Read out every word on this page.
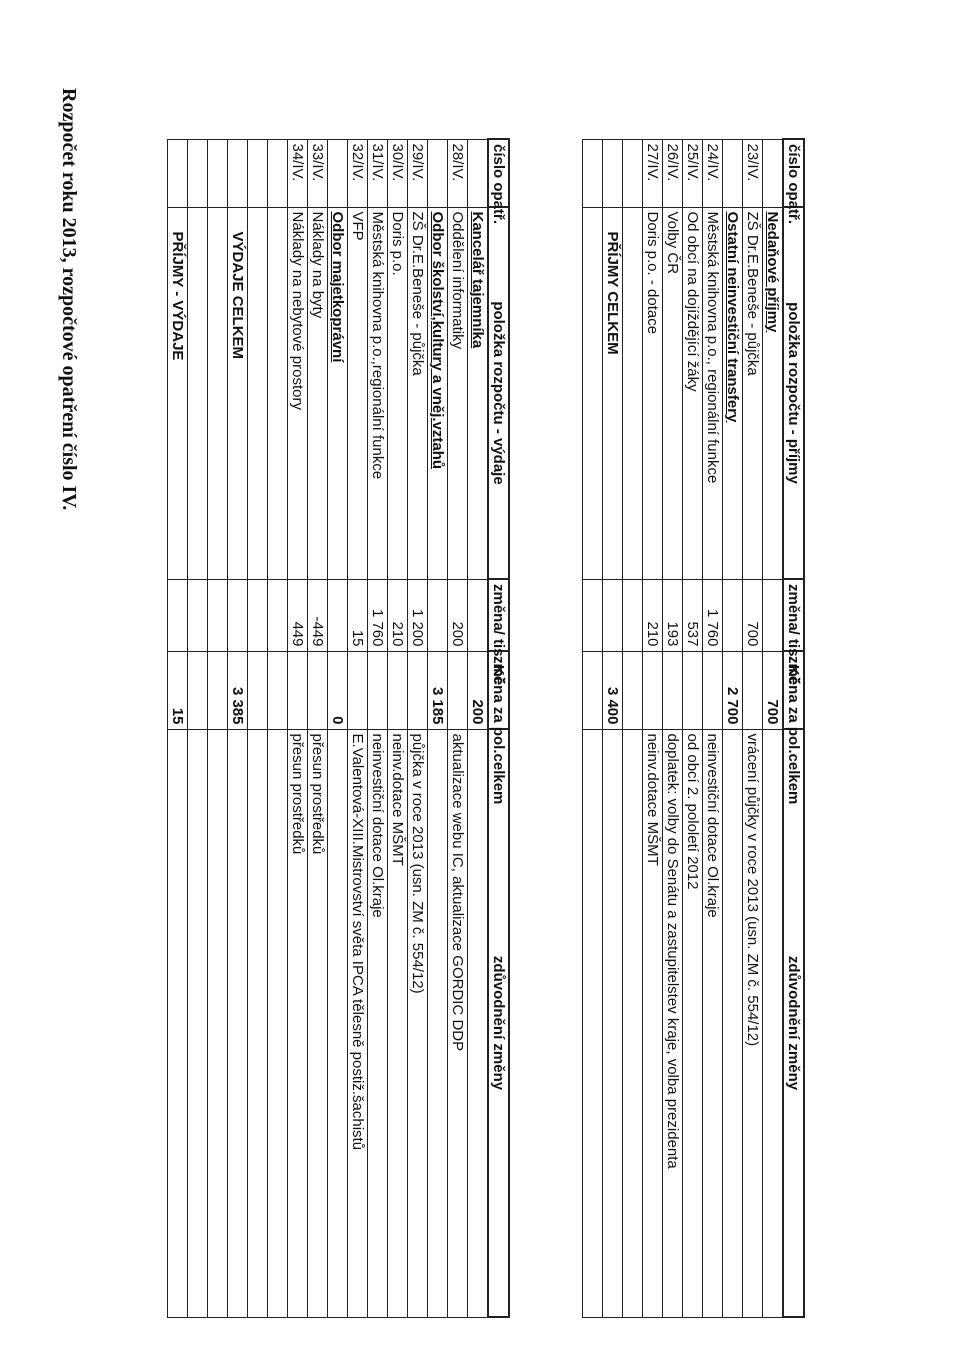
Rozpočet roku 2013, rozpočtové opatření číslo IV.	číslo opatř.	položka rozpočtu - příjmy	změna/ tis. Kč	změna za pol.celkem	zdůvodnění změny
	Nedaňové příjmy		700	
23/IV.	ZŠ Dr.E.Beneše - půjčka	700		vrácení půjčky v roce 2013 (usn. ZM č. 554/12)
	Ostatní neinvestiční transfery		2 700	
24/IV.	Městská knihovna p.o., regionální funkce	1 760		neinvestiční dotace Ol.kraje
25/IV.	Od obcí na dojíždějící žáky	537		od obcí 2. pololetí 2012
26/IV.	Volby ČR	193		doplatek: volby do Senátu a zastupitelstev kraje, volba prezidenta
27/IV.	Doris p.o. - dotace	210		neinv.dotace MŠMT

	PŘÍJMY CELKEM		3 400	

číslo opatř.	položka rozpočtu - výdaje	změna/ tis. Kč	změna za pol.celkem	zdůvodnění změny
	Kancelář tajemníka		200	
28/IV.	Oddělení informatiky	200		aktualizace webu IC, aktualizace GORDIC DDP
	Odbor školství,kultury a vněj.vztahů		3 185	
29/IV.	ZŠ Dr.E.Beneše - půjčka	1 200		půjčka v roce 2013 (usn. ZM č. 554/12)
30/IV.	Doris p.o.	210		neinv.dotace MŠMT
31/IV.	Městská knihovna p.o.,regionální funkce	1 760		neinvestiční dotace Ol.kraje
32/IV.	VFP	15		E.Valentová-XIII.Mistrovství světa IPCA tělesně postiž.šachistů
	Odbor majetkoprávní		0	
33/IV.	Náklady na byty	-449		přesun prostředků
34/IV.	Náklady na nebytové prostory	449		přesun prostředků

	VÝDAJE CELKEM		3 385	

	PŘÍJMY - VÝDAJE		15	
